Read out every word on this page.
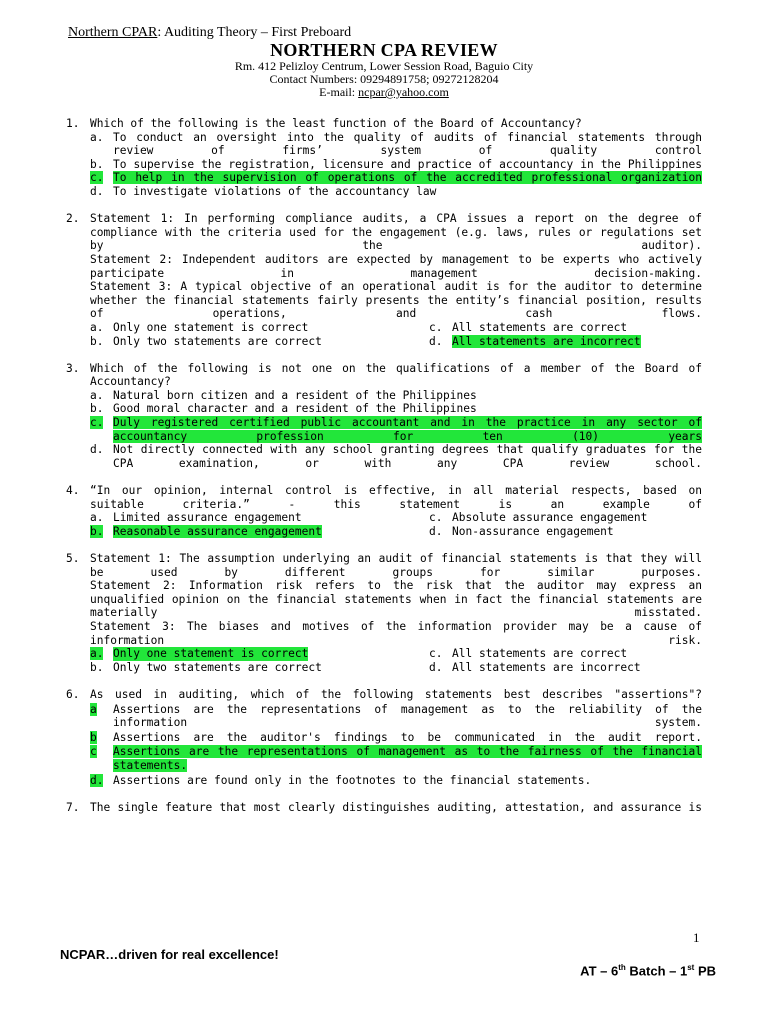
Northern CPAR: Auditing Theory – First Preboard
NORTHERN CPA REVIEW
Rm. 412 Pelizloy Centrum, Lower Session Road, Baguio City
Contact Numbers: 09294891758; 09272128204
E-mail: ncpar@yahoo.com
1. Which of the following is the least function of the Board of Accountancy?
a. To conduct an oversight into the quality of audits of financial statements through review of firms’ system of quality control
b. To supervise the registration, licensure and practice of accountancy in the Philippines
c. To help in the supervision of operations of the accredited professional organization
d. To investigate violations of the accountancy law
2. Statement 1: In performing compliance audits, a CPA issues a report on the degree of compliance with the criteria used for the engagement (e.g. laws, rules or regulations set by the auditor).
Statement 2: Independent auditors are expected by management to be experts who actively participate in management decision-making.
Statement 3: A typical objective of an operational audit is for the auditor to determine whether the financial statements fairly presents the entity’s financial position, results of operations, and cash flows.
a. Only one statement is correct	c. All statements are correct
b. Only two statements are correct	d. All statements are incorrect
3. Which of the following is not one on the qualifications of a member of the Board of Accountancy?
a. Natural born citizen and a resident of the Philippines
b. Good moral character and a resident of the Philippines
c. Duly registered certified public accountant and in the practice in any sector of accountancy profession for ten (10) years
d. Not directly connected with any school granting degrees that qualify graduates for the CPA examination, or with any CPA review school.
4. “In our opinion, internal control is effective, in all material respects, based on suitable criteria.” - this statement is an example of
a. Limited assurance engagement	c. Absolute assurance engagement
b. Reasonable assurance engagement	d. Non-assurance engagement
5. Statement 1: The assumption underlying an audit of financial statements is that they will be used by different groups for similar purposes.
Statement 2: Information risk refers to the risk that the auditor may express an unqualified opinion on the financial statements when in fact the financial statements are materially misstated.
Statement 3: The biases and motives of the information provider may be a cause of information risk.
a. Only one statement is correct	c. All statements are correct
b. Only two statements are correct	d. All statements are incorrect
6. As used in auditing, which of the following statements best describes "assertions"?
a	Assertions are the representations of management as to the reliability of the information system.
b	Assertions are the auditor's findings to be communicated in the audit report.
c	Assertions are the representations of management as to the fairness of the financial statements.
d. Assertions are found only in the footnotes to the financial statements.
7. The single feature that most clearly distinguishes auditing, attestation, and assurance is
1
NCPAR…driven for real excellence!
AT – 6th Batch – 1st PB
